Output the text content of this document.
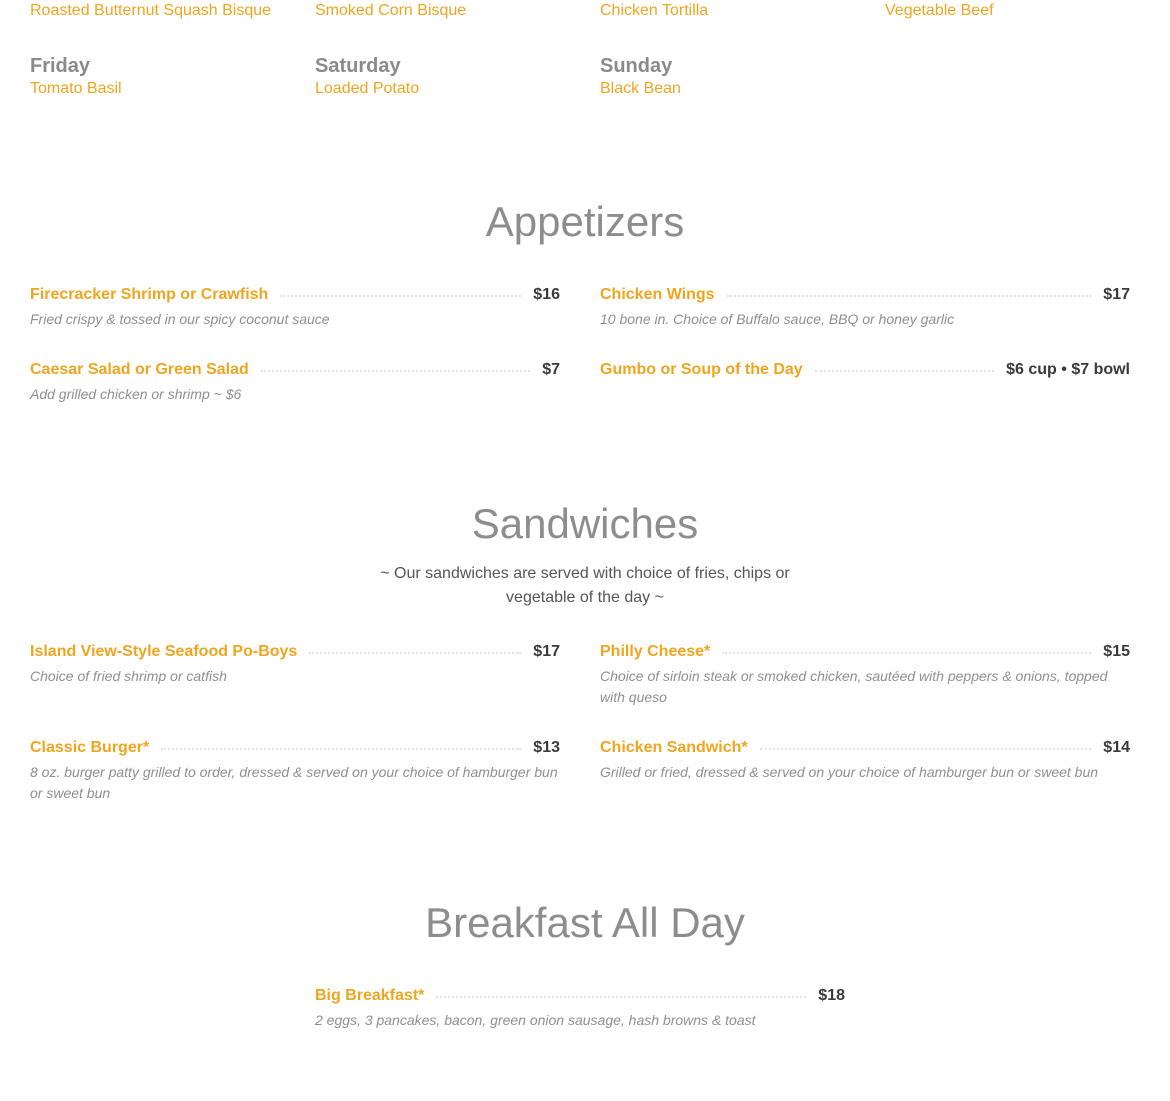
Roasted Butternut Squash Bisque	Smoked Corn Bisque	Chicken Tortilla	Vegetable Beef
Friday
Tomato Basil
Saturday
Loaded Potato
Sunday
Black Bean
Appetizers
Firecracker Shrimp or Crawfish	$16
Fried crispy & tossed in our spicy coconut sauce
Chicken Wings	$17
10 bone in. Choice of Buffalo sauce, BBQ or honey garlic
Caesar Salad or Green Salad	$7
Add grilled chicken or shrimp ~ $6
Gumbo or Soup of the Day	$6 cup • $7 bowl
Sandwiches
~ Our sandwiches are served with choice of fries, chips or
vegetable of the day ~
Island View-Style Seafood Po-Boys	$17
Choice of fried shrimp or catfish
Philly Cheese*	$15
Choice of sirloin steak or smoked chicken, sautéed with peppers & onions, topped with queso
Classic Burger*	$13
8 oz. burger patty grilled to order, dressed & served on your choice of hamburger bun or sweet bun
Chicken Sandwich*	$14
Grilled or fried, dressed & served on your choice of hamburger bun or sweet bun
Breakfast All Day
Big Breakfast*	$18
2 eggs, 3 pancakes, bacon, green onion sausage, hash browns & toast
